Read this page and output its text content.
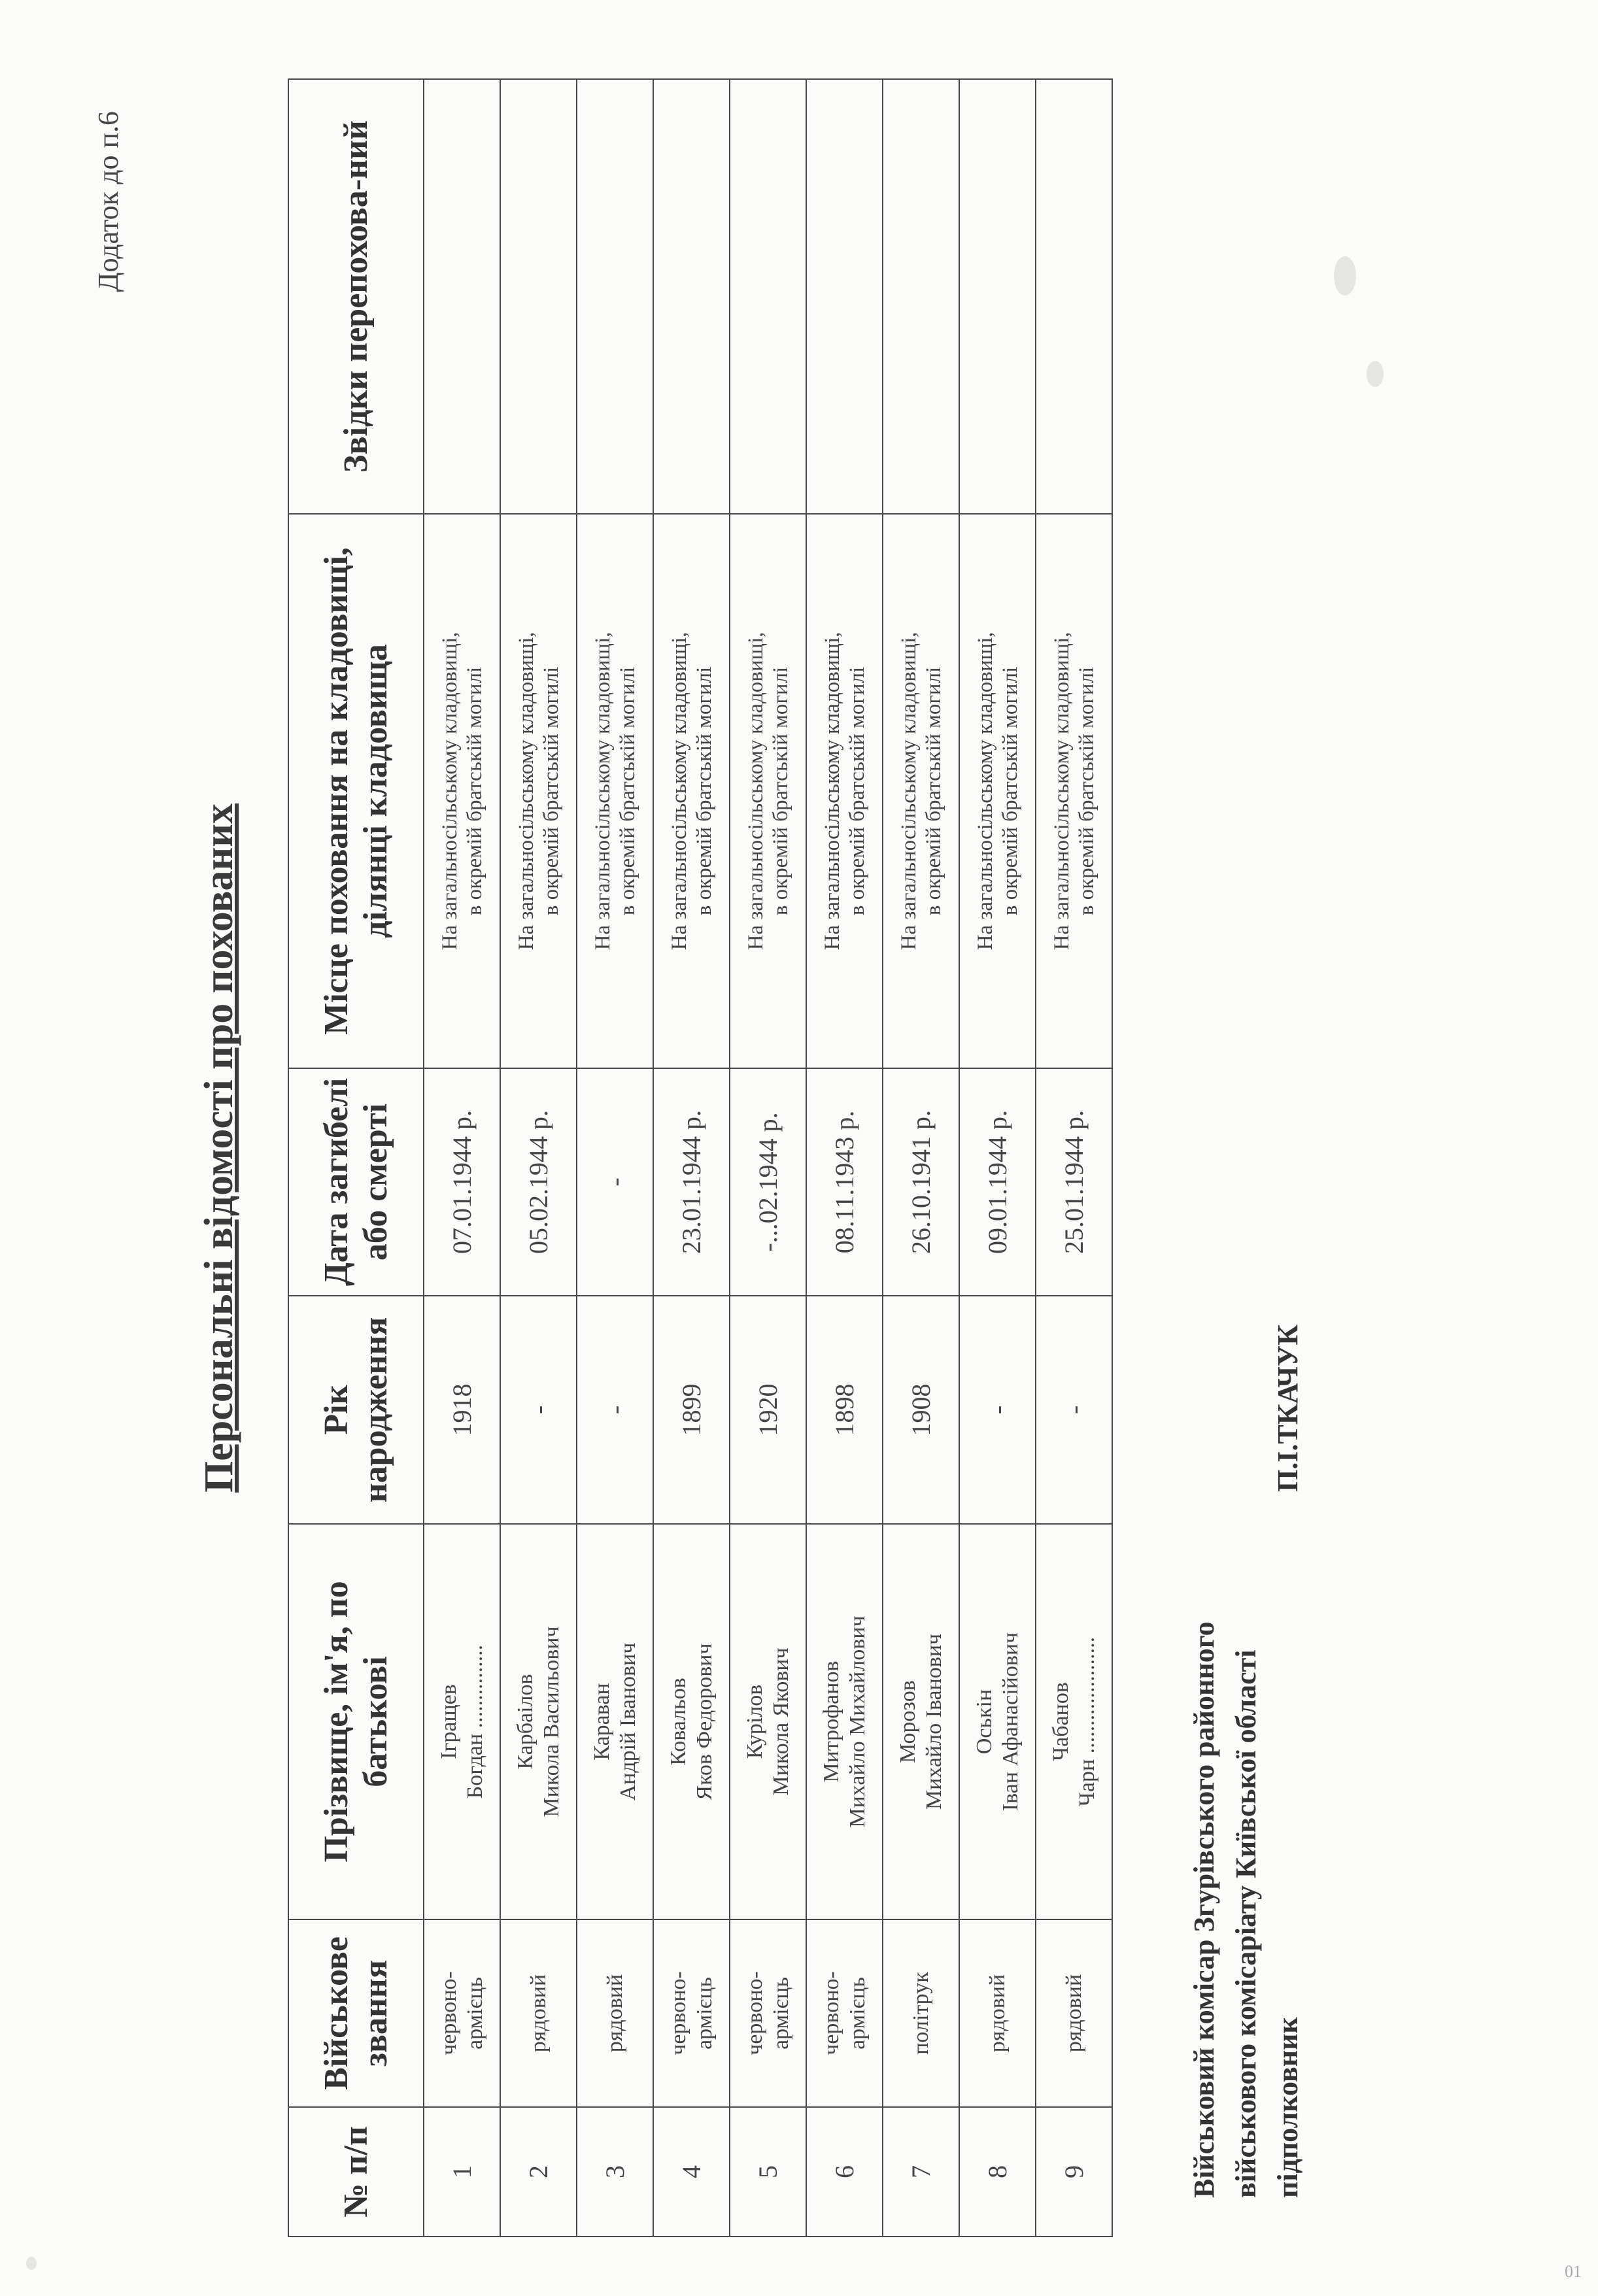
Додаток до п.6
Персональні відомості про похованих
№ п/п	Військове звання	Прізвище, ім'я, по батькові	Рік народження	Дата загибелі або смерті	Місце поховання на кладовищі, ділянці кладовища	Звідки перепохова-ний
1	червоно- армієць	Ігращев Богдан ...............	1918	07.01.1944 р.	На загальносільському кладовищі, в окремій братській могилі	

2	рядовий	Карбаілов Микола Васильович	-	05.02.1944 р.	На загальносільському кладовищі, в окремій братській могилі	

3	рядовий	Караван Андрій Іванович	-	-	На загальносільському кладовищі, в окремій братській могилі	

4	червоно- армієць	Ковальов Яков Федорович	1899	23.01.1944 р.	На загальносільському кладовищі, в окремій братській могилі	

5	червоно- армієць	Курілов Микола Якович	1920	-...02.1944 р.	На загальносільському кладовищі, в окремій братській могилі	

6	червоно- армієць	Митрофанов Михайло Михайлович	1898	08.11.1943 р.	На загальносільському кладовищі, в окремій братській могилі	

7	політрук	Морозов Михайло Іванович	1908	26.10.1941 р.	На загальносільському кладовищі, в окремій братській могилі	

8	рядовий	Оськін Іван Афанасійович	-	09.01.1944 р.	На загальносільському кладовищі, в окремій братській могилі	

9	рядовий	Чабанов Чарн .....................	-	25.01.1944 р.	На загальносільському кладовищі, в окремій братській могилі	

Військовий комісар Згурівського районного військового комісаріату Київської області підполковник
П.І.ТКАЧУК
01
